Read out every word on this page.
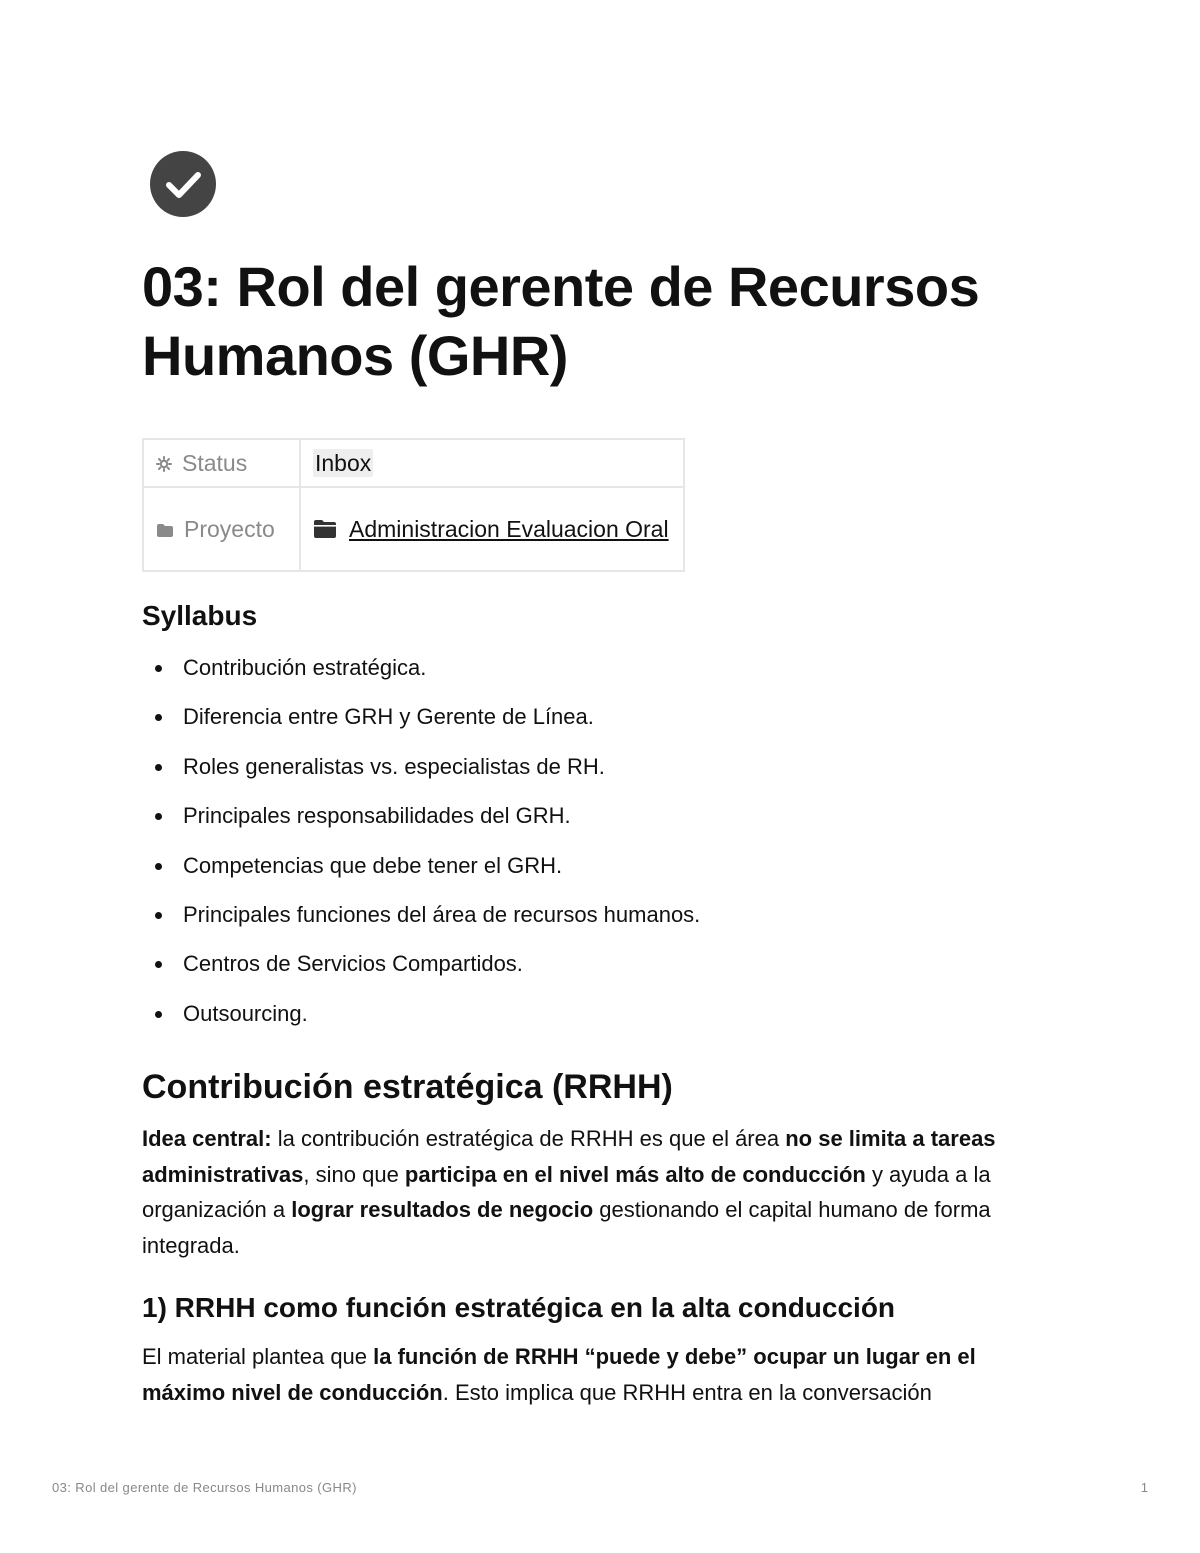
03: Rol del gerente de Recursos Humanos (GHR)
Status	Inbox
Proyecto	Administracion Evaluacion Oral
Syllabus
Contribución estratégica.
Diferencia entre GRH y Gerente de Línea.
Roles generalistas vs. especialistas de RH.
Principales responsabilidades del GRH.
Competencias que debe tener el GRH.
Principales funciones del área de recursos humanos.
Centros de Servicios Compartidos.
Outsourcing.
Contribución estratégica (RRHH)

Idea central: la contribución estratégica de RRHH es que el área no se limita a tareas administrativas, sino que participa en el nivel más alto de conducción y ayuda a la organización a lograr resultados de negocio gestionando el capital humano de forma integrada.

1) RRHH como función estratégica en la alta conducción

El material plantea que la función de RRHH “puede y debe” ocupar un lugar en el máximo nivel de conducción. Esto implica que RRHH entra en la conversación

03: Rol del gerente de Recursos Humanos (GHR)	1
